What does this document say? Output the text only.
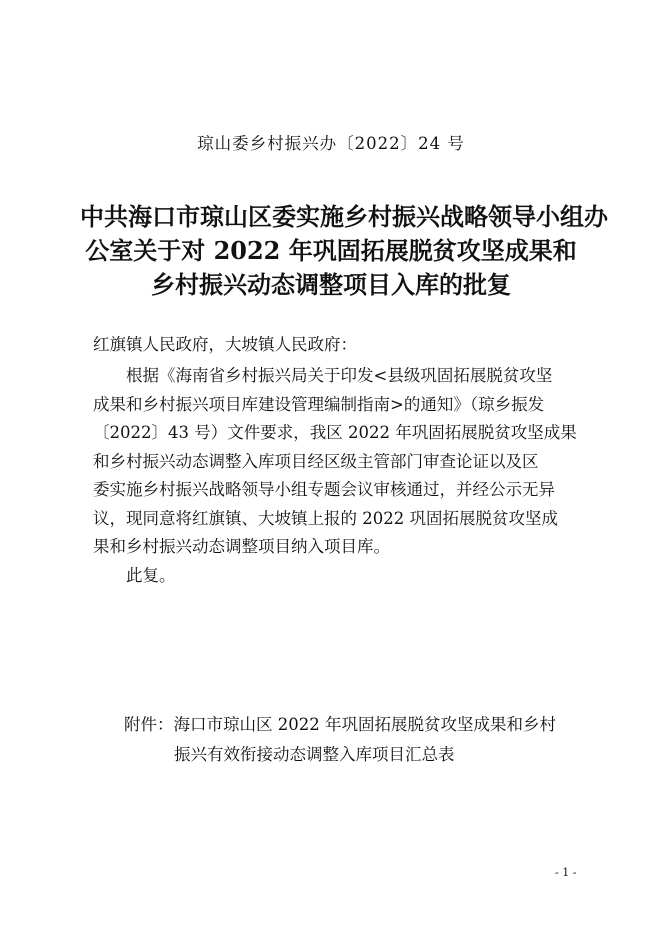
琼山委乡村振兴办〔2022〕24 号
中共海口市琼山区委实施乡村振兴战略领导小组办
公室关于对 2022 年巩固拓展脱贫攻坚成果和
乡村振兴动态调整项目入库的批复
红旗镇人民政府，大坡镇人民政府：
根据《海南省乡村振兴局关于印发<县级巩固拓展脱贫攻坚
成果和乡村振兴项目库建设管理编制指南>的通知》（琼乡振发
〔2022〕43 号）文件要求，我区 2022 年巩固拓展脱贫攻坚成果
和乡村振兴动态调整入库项目经区级主管部门审查论证以及区
委实施乡村振兴战略领导小组专题会议审核通过，并经公示无异
议，现同意将红旗镇、大坡镇上报的 2022 巩固拓展脱贫攻坚成
果和乡村振兴动态调整项目纳入项目库。
此复。
附件：海口市琼山区 2022 年巩固拓展脱贫攻坚成果和乡村
振兴有效衔接动态调整入库项目汇总表
- 1 -
